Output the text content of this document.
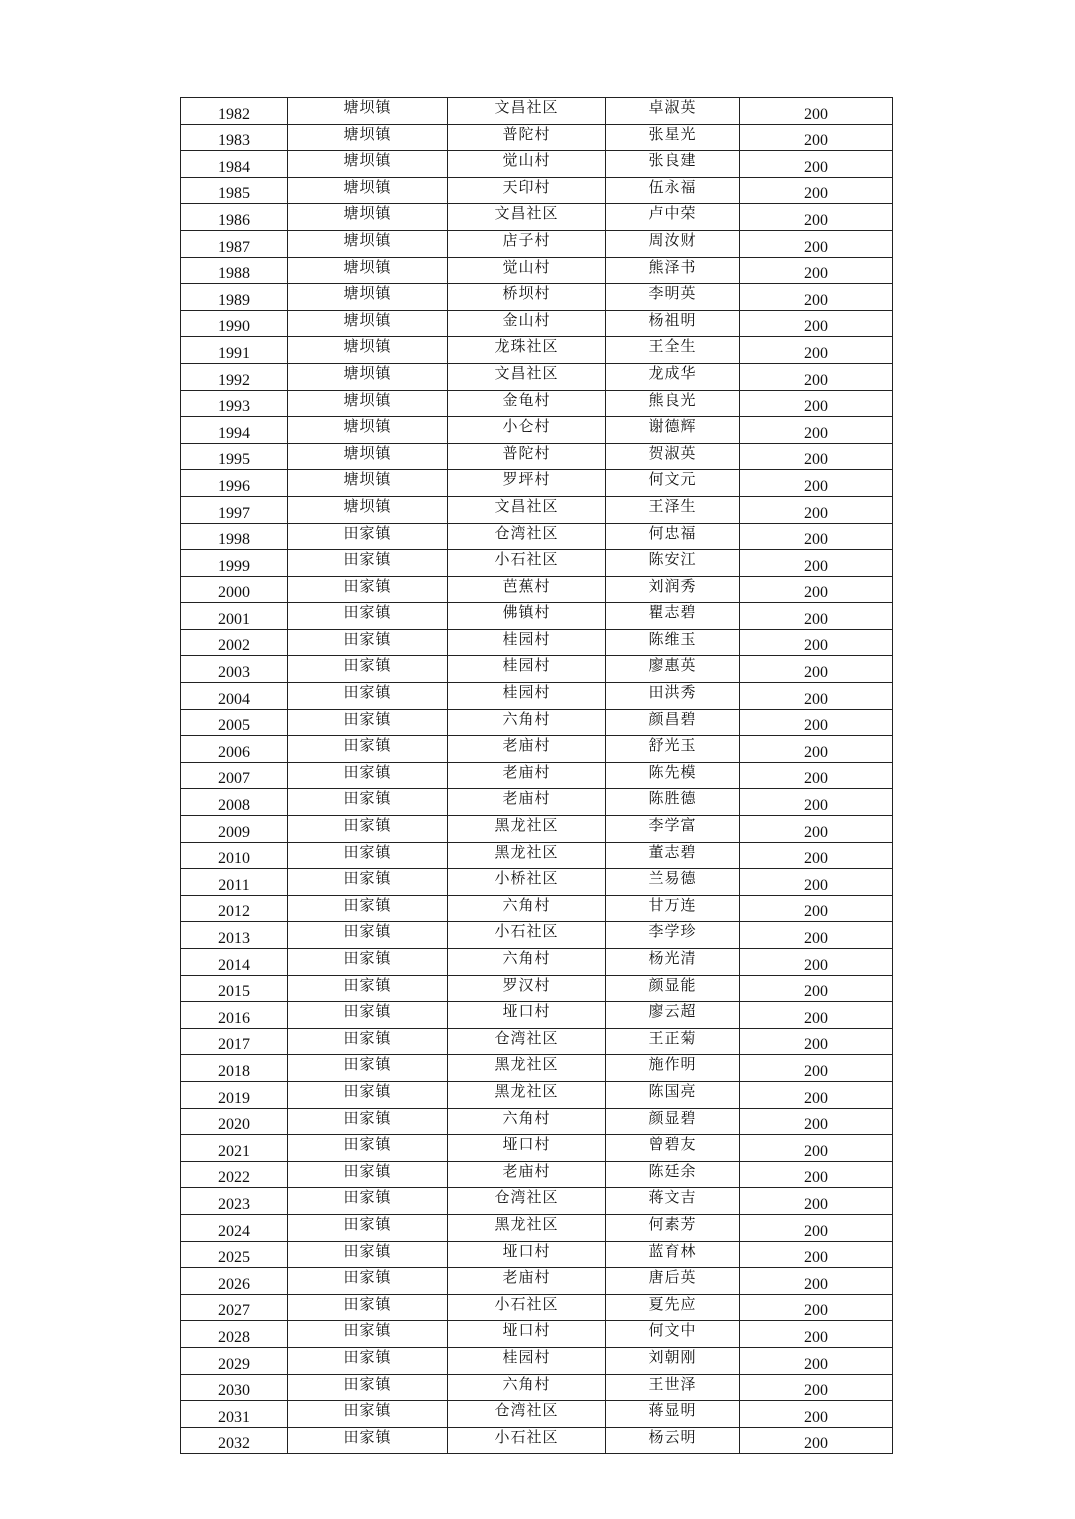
1982	塘坝镇	文昌社区	卓淑英	200
1983	塘坝镇	普陀村	张星光	200
1984	塘坝镇	觉山村	张良建	200
1985	塘坝镇	天印村	伍永福	200
1986	塘坝镇	文昌社区	卢中荣	200
1987	塘坝镇	店子村	周汝财	200
1988	塘坝镇	觉山村	熊泽书	200
1989	塘坝镇	桥坝村	李明英	200
1990	塘坝镇	金山村	杨祖明	200
1991	塘坝镇	龙珠社区	王全生	200
1992	塘坝镇	文昌社区	龙成华	200
1993	塘坝镇	金龟村	熊良光	200
1994	塘坝镇	小仑村	谢德辉	200
1995	塘坝镇	普陀村	贺淑英	200
1996	塘坝镇	罗坪村	何文元	200
1997	塘坝镇	文昌社区	王泽生	200
1998	田家镇	仓湾社区	何忠福	200
1999	田家镇	小石社区	陈安江	200
2000	田家镇	芭蕉村	刘润秀	200
2001	田家镇	佛镇村	瞿志碧	200
2002	田家镇	桂园村	陈维玉	200
2003	田家镇	桂园村	廖惠英	200
2004	田家镇	桂园村	田洪秀	200
2005	田家镇	六角村	颜昌碧	200
2006	田家镇	老庙村	舒光玉	200
2007	田家镇	老庙村	陈先模	200
2008	田家镇	老庙村	陈胜德	200
2009	田家镇	黑龙社区	李学富	200
2010	田家镇	黑龙社区	董志碧	200
2011	田家镇	小桥社区	兰易德	200
2012	田家镇	六角村	甘万连	200
2013	田家镇	小石社区	李学珍	200
2014	田家镇	六角村	杨光清	200
2015	田家镇	罗汉村	颜显能	200
2016	田家镇	垭口村	廖云超	200
2017	田家镇	仓湾社区	王正菊	200
2018	田家镇	黑龙社区	施作明	200
2019	田家镇	黑龙社区	陈国亮	200
2020	田家镇	六角村	颜显碧	200
2021	田家镇	垭口村	曾碧友	200
2022	田家镇	老庙村	陈廷余	200
2023	田家镇	仓湾社区	蒋文吉	200
2024	田家镇	黑龙社区	何素芳	200
2025	田家镇	垭口村	蓝育林	200
2026	田家镇	老庙村	唐后英	200
2027	田家镇	小石社区	夏先应	200
2028	田家镇	垭口村	何文中	200
2029	田家镇	桂园村	刘朝刚	200
2030	田家镇	六角村	王世泽	200
2031	田家镇	仓湾社区	蒋显明	200
2032	田家镇	小石社区	杨云明	200
